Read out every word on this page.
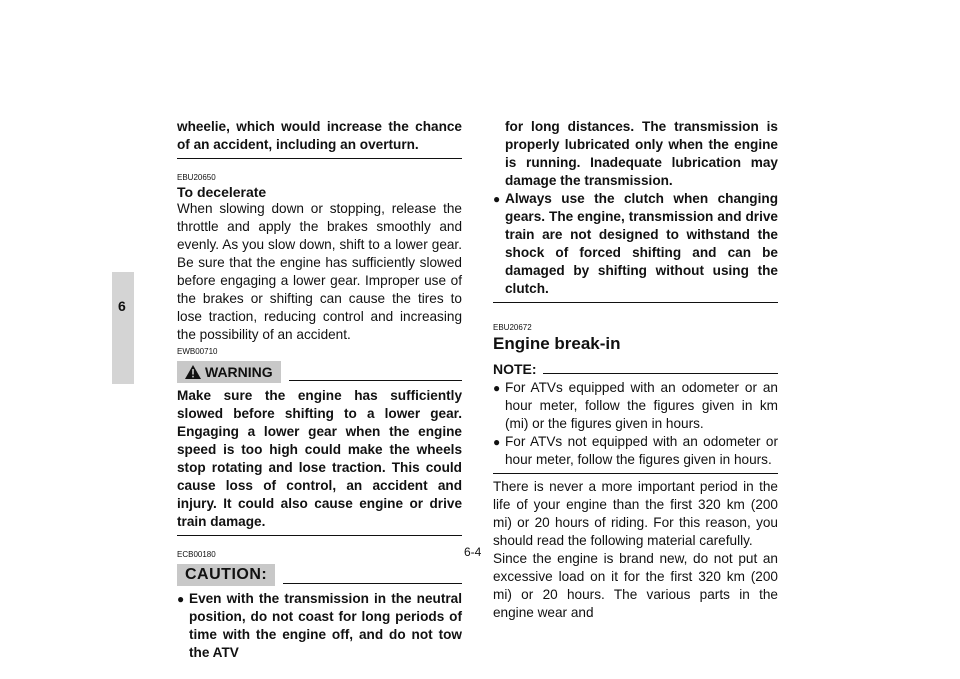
6
wheelie, which would increase the chance of an accident, including an overturn.
EBU20650
To decelerate
When slowing down or stopping, release the throttle and apply the brakes smoothly and evenly. As you slow down, shift to a lower gear. Be sure that the engine has sufficiently slowed before engaging a lower gear. Improper use of the brakes or shifting can cause the tires to lose traction, reducing control and increasing the possibility of an accident.
EWB00710
WARNING
Make sure the engine has sufficiently slowed before shifting to a lower gear. Engaging a lower gear when the engine speed is too high could make the wheels stop rotating and lose traction. This could cause loss of control, an accident and injury. It could also cause engine or drive train damage.
ECB00180
CAUTION:
● Even with the transmission in the neutral position, do not coast for long periods of time with the engine off, and do not tow the ATV
for long distances. The transmission is properly lubricated only when the engine is running. Inadequate lubrication may damage the transmission.
● Always use the clutch when changing gears. The engine, transmission and drive train are not designed to withstand the shock of forced shifting and can be damaged by shifting without using the clutch.
EBU20672
Engine break-in
NOTE:
● For ATVs equipped with an odometer or an hour meter, follow the figures given in km (mi) or the figures given in hours.
● For ATVs not equipped with an odometer or hour meter, follow the figures given in hours.
There is never a more important period in the life of your engine than the first 320 km (200 mi) or 20 hours of riding. For this reason, you should read the following material carefully.
Since the engine is brand new, do not put an excessive load on it for the first 320 km (200 mi) or 20 hours. The various parts in the engine wear and
6-4
